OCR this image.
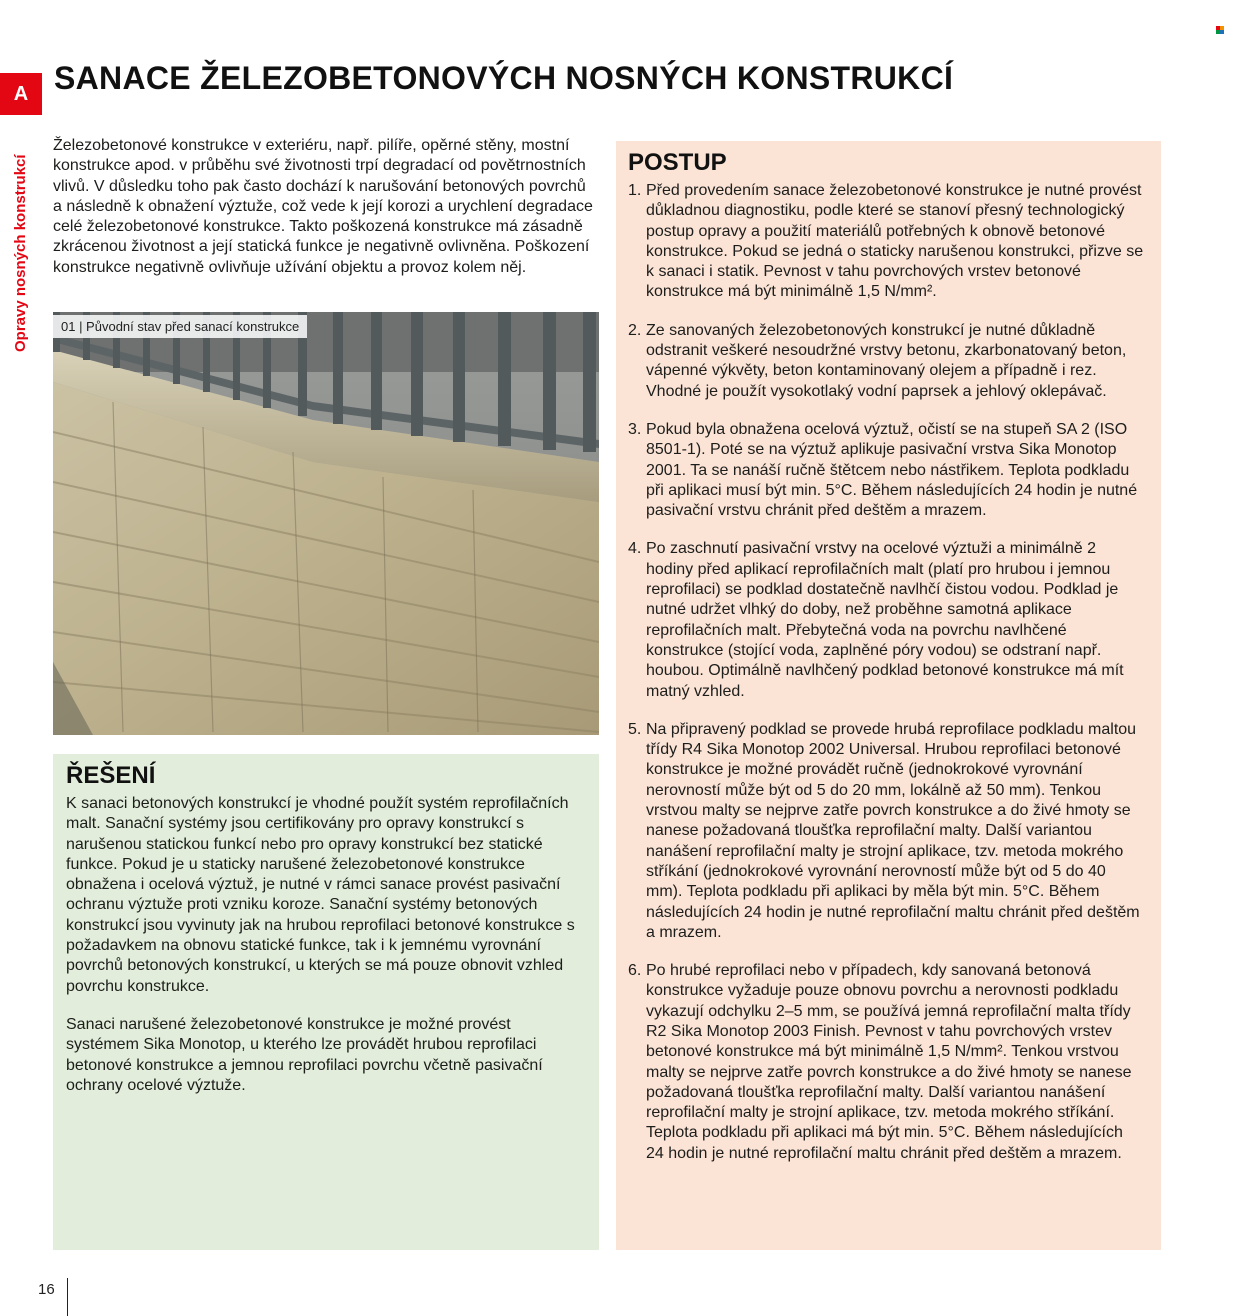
A
Opravy nosných konstrukcí
SANACE ŽELEZOBETONOVÝCH NOSNÝCH KONSTRUKCÍ

Železobetonové konstrukce v exteriéru, např. pilíře, opěrné stěny, mostní konstrukce apod. v průběhu své životnosti trpí degradací od povětrnostních vlivů. V důsledku toho pak často dochází k narušování betonových povrchů a následně k obnažení výztuže, což vede k její korozi a urychlení degradace celé železobetonové konstrukce. Takto poškozená konstrukce má zásadně zkrácenou životnost a její statická funkce je negativně ovlivněna. Poškození konstrukce negativně ovlivňuje užívání objektu a provoz kolem něj.

01 | Původní stav před sanací konstrukce
ŘEŠENÍ

K sanaci betonových konstrukcí je vhodné použít systém reprofilačních malt. Sanační systémy jsou certifikovány pro opravy konstrukcí s narušenou statickou funkcí nebo pro opravy konstrukcí bez statické funkce. Pokud je u staticky narušené železobetonové konstrukce obnažena i ocelová výztuž, je nutné v rámci sanace provést pasivační ochranu výztuže proti vzniku koroze. Sanační systémy betonových konstrukcí jsou vyvinuty jak na hrubou reprofilaci betonové konstrukce s požadavkem na obnovu statické funkce, tak i k jemnému vyrovnání povrchů betonových konstrukcí, u kterých se má pouze obnovit vzhled povrchu konstrukce.

Sanaci narušené železobetonové konstrukce je možné provést systémem Sika Monotop, u kterého lze provádět hrubou reprofilaci betonové konstrukce a jemnou reprofilaci povrchu včetně pasivační ochrany ocelové výztuže.

POSTUP
1. Před provedením sanace železobetonové konstrukce je nutné provést důkladnou diagnostiku, podle které se stanoví přesný technologický postup opravy a použití materiálů potřebných k obnově betonové konstrukce. Pokud se jedná o staticky narušenou konstrukci, přizve se k sanaci i statik. Pevnost v tahu povrchových vrstev betonové konstrukce má být minimálně 1,5 N/mm².
2. Ze sanovaných železobetonových konstrukcí je nutné důkladně odstranit veškeré nesoudržné vrstvy betonu, zkarbonatovaný beton, vápenné výkvěty, beton kontaminovaný olejem a případně i rez. Vhodné je použít vysokotlaký vodní paprsek a jehlový oklepávač.
3. Pokud byla obnažena ocelová výztuž, očistí se na stupeň SA 2 (ISO 8501-1). Poté se na výztuž aplikuje pasivační vrstva Sika Monotop 2001. Ta se nanáší ručně štětcem nebo nástřikem. Teplota podkladu při aplikaci musí být min. 5°C. Během následujících 24 hodin je nutné pasivační vrstvu chránit před deštěm a mrazem.
4. Po zaschnutí pasivační vrstvy na ocelové výztuži a minimálně 2 hodiny před aplikací reprofilačních malt (platí pro hrubou i jemnou reprofilaci) se podklad dostatečně navlhčí čistou vodou. Podklad je nutné udržet vlhký do doby, než proběhne samotná aplikace reprofilačních malt. Přebytečná voda na povrchu navlhčené konstrukce (stojící voda, zaplněné póry vodou) se odstraní např. houbou. Optimálně navlhčený podklad betonové konstrukce má mít matný vzhled.
5. Na připravený podklad se provede hrubá reprofilace podkladu maltou třídy R4 Sika Monotop 2002 Universal. Hrubou reprofilaci betonové konstrukce je možné provádět ručně (jednokrokové vyrovnání nerovností může být od 5 do 20 mm, lokálně až 50 mm). Tenkou vrstvou malty se nejprve zatře povrch konstrukce a do živé hmoty se nanese požadovaná tloušťka reprofilační malty. Další variantou nanášení reprofilační malty je strojní aplikace, tzv. metoda mokrého stříkání (jednokrokové vyrovnání nerovností může být od 5 do 40 mm). Teplota podkladu při aplikaci by měla být min. 5°C. Během následujících 24 hodin je nutné reprofilační maltu chránit před deštěm a mrazem.
6. Po hrubé reprofilaci nebo v případech, kdy sanovaná betonová konstrukce vyžaduje pouze obnovu povrchu a nerovnosti podkladu vykazují odchylku 2–5 mm, se používá jemná reprofilační malta třídy R2 Sika Monotop 2003 Finish. Pevnost v tahu povrchových vrstev betonové konstrukce má být minimálně 1,5 N/mm². Tenkou vrstvou malty se nejprve zatře povrch konstrukce a do živé hmoty se nanese požadovaná tloušťka reprofilační malty. Další variantou nanášení reprofilační malty je strojní aplikace, tzv. metoda mokrého stříkání. Teplota podkladu při aplikaci má být min. 5°C. Během následujících 24 hodin je nutné reprofilační maltu chránit před deštěm a mrazem.
16
